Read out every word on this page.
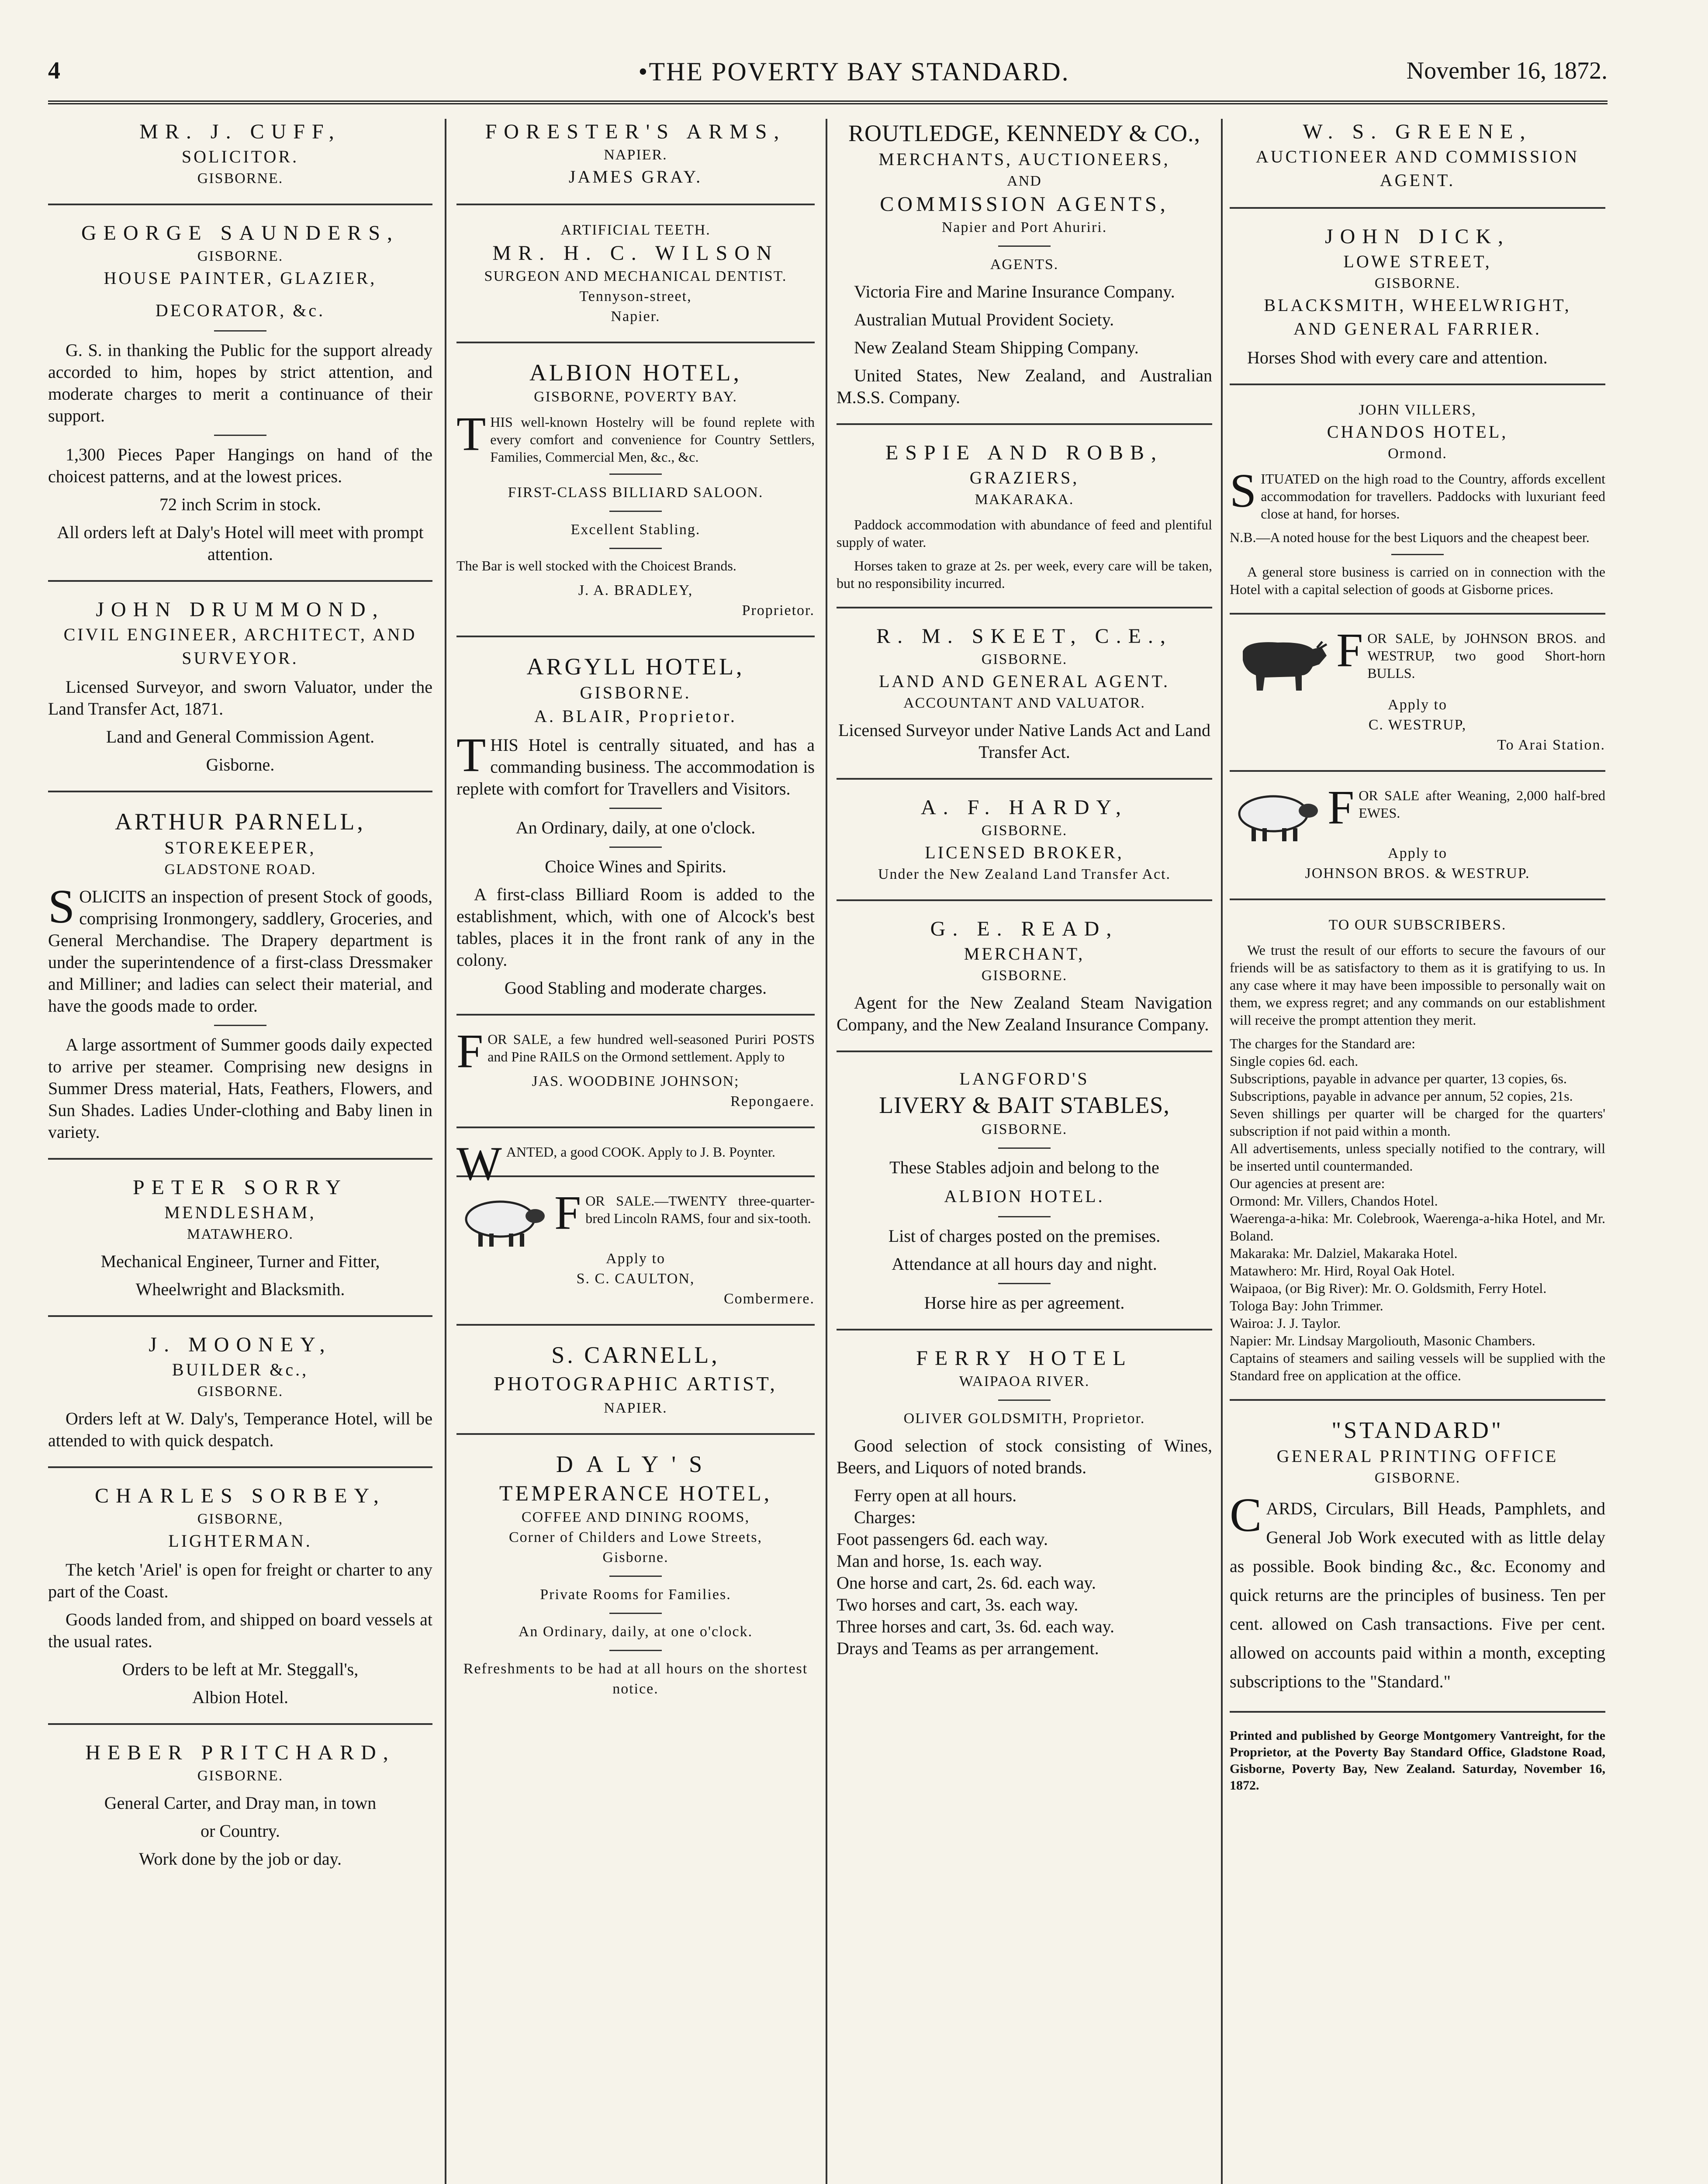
4	•THE POVERTY BAY STANDARD.	November 16, 1872.
MR. J. CUFF,
SOLICITOR.
GISBORNE.
GEORGE SAUNDERS,
GISBORNE.
HOUSE PAINTER, GLAZIER,
DECORATOR, &c.

G. S. in thanking the Public for the support already accorded to him, hopes by strict attention, and moderate charges to merit a continuance of their support.

1,300 Pieces Paper Hangings on hand of the choicest patterns, and at the lowest prices.

72 inch Scrim in stock.

All orders left at Daly's Hotel will meet with prompt attention.

JOHN DRUMMOND,
CIVIL ENGINEER, ARCHITECT, AND SURVEYOR.

Licensed Surveyor, and sworn Valuator, under the Land Transfer Act, 1871.

Land and General Commission Agent.

Gisborne.

ARTHUR PARNELL,
STOREKEEPER,
GLADSTONE ROAD.

SOLICITS an inspection of present Stock of goods, comprising Ironmongery, saddlery, Groceries, and General Merchandise. The Drapery department is under the superintendence of a first-class Dressmaker and Milliner; and ladies can select their material, and have the goods made to order.

A large assortment of Summer goods daily expected to arrive per steamer. Comprising new designs in Summer Dress material, Hats, Feathers, Flowers, and Sun Shades. Ladies Under-clothing and Baby linen in variety.

PETER SORRY
MENDLESHAM,
MATAWHERO.

Mechanical Engineer, Turner and Fitter,

Wheelwright and Blacksmith.

J. MOONEY,
BUILDER &c.,
GISBORNE.

Orders left at W. Daly's, Temperance Hotel, will be attended to with quick despatch.

CHARLES SORBEY,
GISBORNE,
LIGHTERMAN.

The ketch 'Ariel' is open for freight or charter to any part of the Coast.

Goods landed from, and shipped on board vessels at the usual rates.

Orders to be left at Mr. Steggall's,

Albion Hotel.

HEBER PRITCHARD,
GISBORNE.

General Carter, and Dray man, in town

or Country.

Work done by the job or day.

FORESTER'S ARMS,
NAPIER.
JAMES GRAY.
ARTIFICIAL TEETH.
MR. H. C. WILSON
SURGEON AND MECHANICAL DENTIST.
Tennyson-street,
Napier.
ALBION HOTEL,
GISBORNE, POVERTY BAY.

THIS well-known Hostelry will be found replete with every comfort and convenience for Country Settlers, Families, Commercial Men, &c., &c.

FIRST-CLASS BILLIARD SALOON.
Excellent Stabling.

The Bar is well stocked with the Choicest Brands.

J. A. BRADLEY,
Proprietor.
ARGYLL HOTEL,
GISBORNE.
A. BLAIR, Proprietor.

THIS Hotel is centrally situated, and has a commanding business. The accommodation is replete with comfort for Travellers and Visitors.

An Ordinary, daily, at one o'clock.

Choice Wines and Spirits.

A first-class Billiard Room is added to the establishment, which, with one of Alcock's best tables, places it in the front rank of any in the colony.

Good Stabling and moderate charges.

FOR SALE, a few hundred well-seasoned Puriri POSTS and Pine RAILS on the Ormond settlement. Apply to

JAS. WOODBINE JOHNSON;
Repongaere.

WANTED, a good COOK. Apply to J. B. Poynter.

FOR SALE.—TWENTY three-quarter-bred Lincoln RAMS, four and six-tooth.

Apply to
S. C. CAULTON,
Combermere.
S. CARNELL,
PHOTOGRAPHIC ARTIST,
NAPIER.
DALY'S
TEMPERANCE HOTEL,
COFFEE AND DINING ROOMS,
Corner of Childers and Lowe Streets,
Gisborne.
Private Rooms for Families.
An Ordinary, daily, at one o'clock.
Refreshments to be had at all hours on the shortest notice.
ROUTLEDGE, KENNEDY & CO.,
MERCHANTS, AUCTIONEERS,
AND
COMMISSION AGENTS,
Napier and Port Ahuriri.
AGENTS.

Victoria Fire and Marine Insurance Company.

Australian Mutual Provident Society.

New Zealand Steam Shipping Company.

United States, New Zealand, and Australian M.S.S. Company.

ESPIE AND ROBB,
GRAZIERS,
MAKARAKA.

Paddock accommodation with abundance of feed and plentiful supply of water.

Horses taken to graze at 2s. per week, every care will be taken, but no responsibility incurred.

R. M. SKEET, C.E.,
GISBORNE.
LAND AND GENERAL AGENT.
ACCOUNTANT AND VALUATOR.

Licensed Surveyor under Native Lands Act and Land Transfer Act.

A. F. HARDY,
GISBORNE.
LICENSED BROKER,
Under the New Zealand Land Transfer Act.
G. E. READ,
MERCHANT,
GISBORNE.

Agent for the New Zealand Steam Navigation Company, and the New Zealand Insurance Company.

LANGFORD'S
LIVERY & BAIT STABLES,
GISBORNE.

These Stables adjoin and belong to the

ALBION HOTEL.

List of charges posted on the premises.

Attendance at all hours day and night.

Horse hire as per agreement.

FERRY HOTEL
WAIPAOA RIVER.
OLIVER GOLDSMITH, Proprietor.

Good selection of stock consisting of Wines, Beers, and Liquors of noted brands.

Ferry open at all hours.

Charges:

Foot passengers 6d. each way.
Man and horse, 1s. each way.
One horse and cart, 2s. 6d. each way.
Two horses and cart, 3s. each way.
Three horses and cart, 3s. 6d. each way.
Drays and Teams as per arrangement.
W. S. GREENE,
AUCTIONEER AND COMMISSION
AGENT.
JOHN DICK,
LOWE STREET,
GISBORNE.
BLACKSMITH, WHEELWRIGHT,
AND GENERAL FARRIER.

Horses Shod with every care and attention.

JOHN VILLERS,
CHANDOS HOTEL,
Ormond.

SITUATED on the high road to the Country, affords excellent accommodation for travellers. Paddocks with luxuriant feed close at hand, for horses.

N.B.—A noted house for the best Liquors and the cheapest beer.

A general store business is carried on in connection with the Hotel with a capital selection of goods at Gisborne prices.

FOR SALE, by JOHNSON BROS. and WESTRUP, two good Short-horn BULLS.

Apply to
C. WESTRUP,
To Arai Station.

FOR SALE after Weaning, 2,000 half-bred EWES.

Apply to
JOHNSON BROS. & WESTRUP.
TO OUR SUBSCRIBERS.

We trust the result of our efforts to secure the favours of our friends will be as satisfactory to them as it is gratifying to us. In any case where it may have been impossible to personally wait on them, we express regret; and any commands on our establishment will receive the prompt attention they merit.

The charges for the Standard are:
Single copies 6d. each.
Subscriptions, payable in advance per quarter, 13 copies, 6s.
Subscriptions, payable in advance per annum, 52 copies, 21s.
Seven shillings per quarter will be charged for the quarters' subscription if not paid within a month.
All advertisements, unless specially notified to the contrary, will be inserted until countermanded.
Our agencies at present are:
Ormond: Mr. Villers, Chandos Hotel.
Waerenga-a-hika: Mr. Colebrook, Waerenga-a-hika Hotel, and Mr. Boland.
Makaraka: Mr. Dalziel, Makaraka Hotel.
Matawhero: Mr. Hird, Royal Oak Hotel.
Waipaoa, (or Big River): Mr. O. Goldsmith, Ferry Hotel.
Tologa Bay: John Trimmer.
Wairoa: J. J. Taylor.
Napier: Mr. Lindsay Margoliouth, Masonic Chambers.
Captains of steamers and sailing vessels will be supplied with the Standard free on application at the office.
"STANDARD"
GENERAL PRINTING OFFICE
GISBORNE.

CARDS, Circulars, Bill Heads, Pamphlets, and General Job Work executed with as little delay as possible. Book binding &c., &c. Economy and quick returns are the principles of business. Ten per cent. allowed on Cash transactions. Five per cent. allowed on accounts paid within a month, excepting subscriptions to the "Standard."

Printed and published by George Montgomery Vantreight, for the Proprietor, at the Poverty Bay Standard Office, Gladstone Road, Gisborne, Poverty Bay, New Zealand. Saturday, November 16, 1872.
